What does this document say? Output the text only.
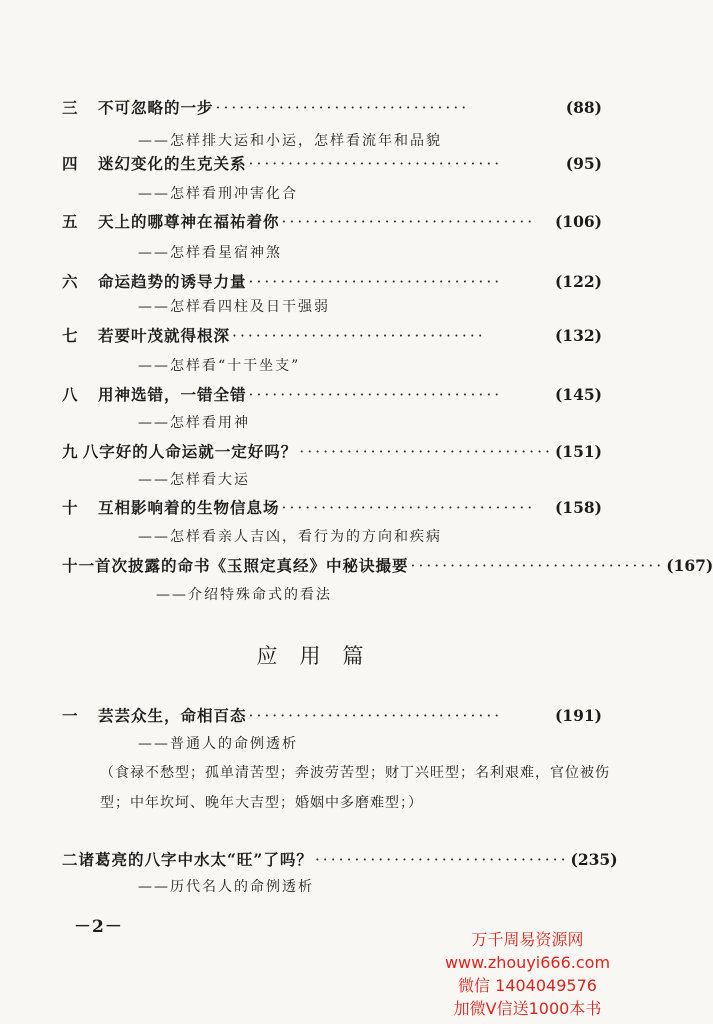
三	不可忽略的一步 ································	(88)
——怎样排大运和小运，怎样看流年和品貌
四	迷幻变化的生克关系 ································	(95)
——怎样看刑冲害化合
五	天上的哪尊神在福祐着你 ································	(106)
——怎样看星宿神煞
六	命运趋势的诱导力量 ································	(122)
——怎样看四柱及日干强弱
七	若要叶茂就得根深 ································	(132)
——怎样看“十干坐支”
八	用神选错，一错全错 ································	(145)
——怎样看用神
九 八字好的人命运就一定好吗？ ································ (151)
——怎样看大运
十	互相影响着的生物信息场 ································	(158)
——怎样看亲人吉凶，看行为的方向和疾病
十一 首次披露的命书《玉照定真经》中秘诀撮要 ································ (167)
——介绍特殊命式的看法
应用篇
一	芸芸众生，命相百态 ································	(191)
——普通人的命例透析
（食禄不愁型；孤单清苦型；奔波劳苦型；财丁兴旺型；名利艰难，官位被伤型；中年坎坷、晚年大吉型；婚姻中多磨难型；）
二 诸葛亮的八字中水太“旺”了吗？ ································ (235)
——历代名人的命例透析
－2－
万千周易资源网
www.zhouyi666.com
微信 1404049576
加微V信送1000本书
